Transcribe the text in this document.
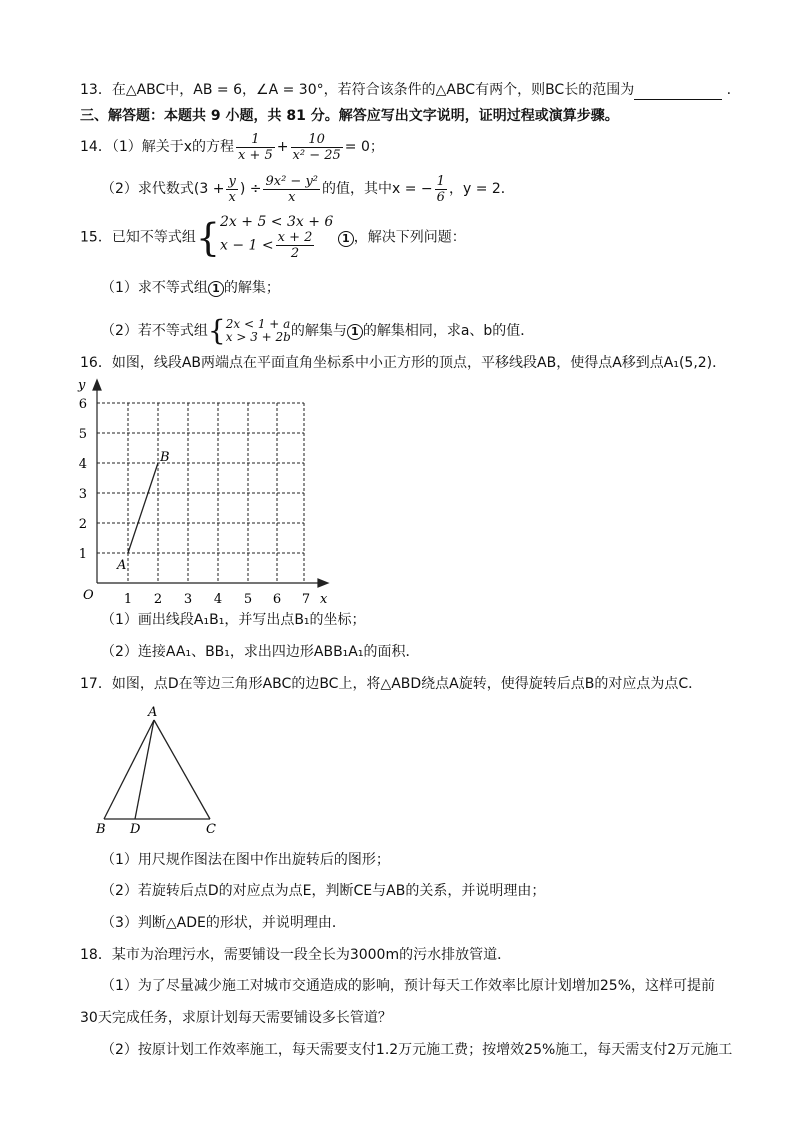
13．在△ABC中，AB = 6，∠A = 30°，若符合该条件的△ABC有两个，则BC长的范围为	.
三、解答题：本题共 9 小题，共 81 分。解答应写出文字说明，证明过程或演算步骤。
14．（1）解关于x的方程 $\frac{1}{x + 5} + \frac{10}{\text{x² − 25}} = 0$；
（2）求代数式($3 + \frac{y}{x}$ ) ÷ $\frac{\text{9x² − y²}}{x}$ 的值，其中x = − $\frac{1}{6}$ ，y = 2．
15．已知不等式组{ 2x + 5 < 3x + 6
$x - 1 < \frac{x + 2}{2}$	1 ，解决下列问题：
（1）求不等式组 1 的解集；
（2）若不等式组{ 2x < 1 + a
x > 3 + 2b 的解集与 1 的解集相同，求a、b的值．
16．如图，线段AB两端点在平面直角坐标系中小正方形的顶点，平移线段AB，使得点A移到点A₁(5,2)．
y
x
O 1 2 3 4 5 6 7
1
2
3
4
5
6
A
B
（1）画出线段A₁B₁，并写出点B₁的坐标；
（2）连接AA₁、BB₁，求出四边形ABB₁A₁的面积．
17．如图，点D在等边三角形ABC的边BC上，将△ABD绕点A旋转，使得旋转后点B的对应点为点C．
A
B D	C
（1）用尺规作图法在图中作出旋转后的图形；
（2）若旋转后点D的对应点为点E，判断CE与AB的关系，并说明理由；
（3）判断△ADE的形状，并说明理由．
18．某市为治理污水，需要铺设一段全长为3000m的污水排放管道．
（1）为了尽量减少施工对城市交通造成的影响，预计每天工作效率比原计划增加25%，这样可提前
30天完成任务，求原计划每天需要铺设多长管道？
（2）按原计划工作效率施工，每天需要支付1.2万元施工费；按增效25%施工，每天需支付2万元施工
